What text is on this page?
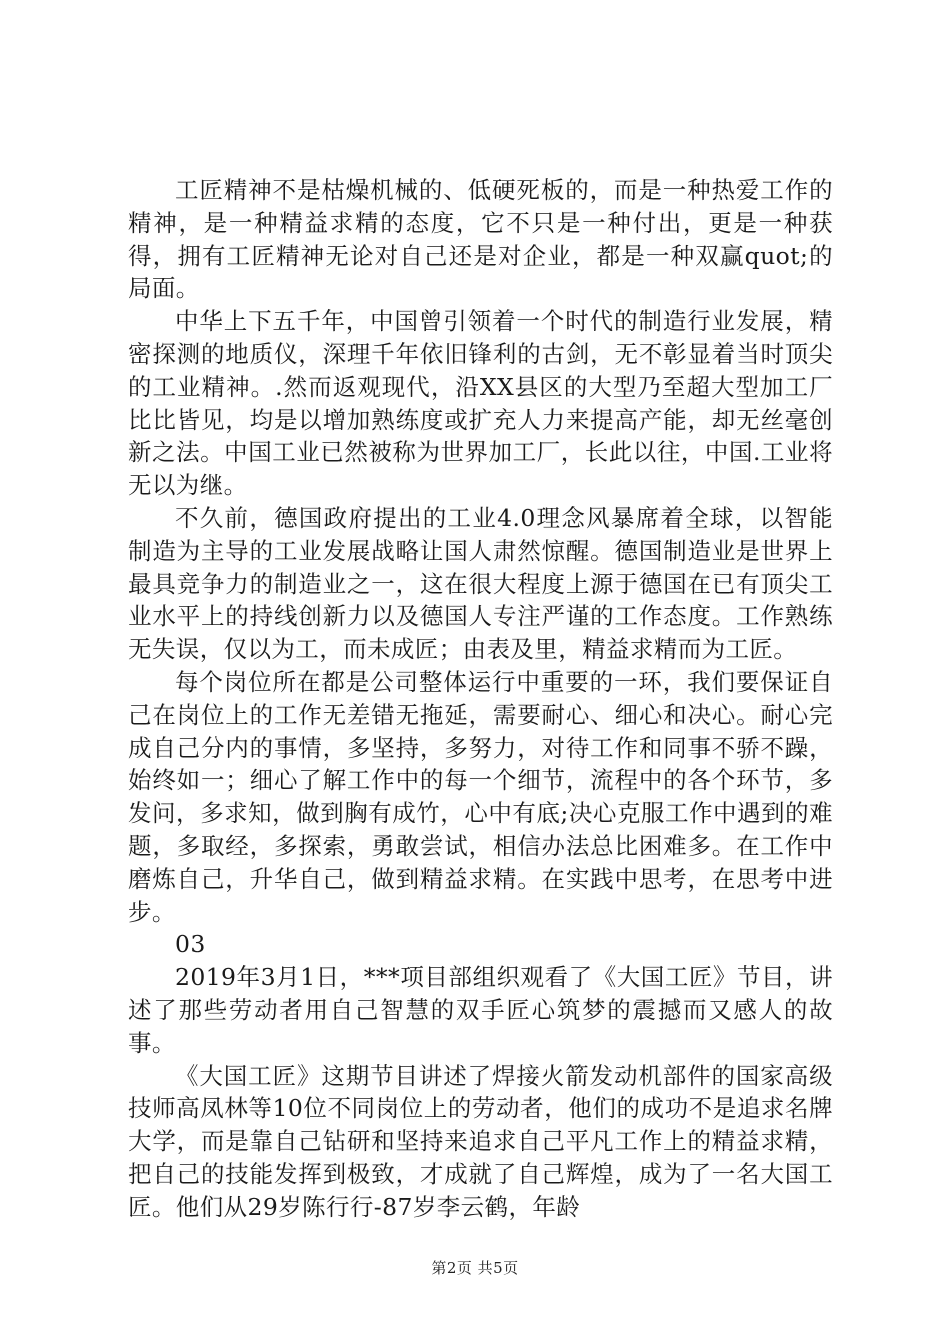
工匠精神不是枯燥机械的、低硬死板的，而是一种热爱工作的精神，是一种精益求精的态度，它不只是一种付出，更是一种获得，拥有工匠精神无论对自己还是对企业，都是一种双赢quot;的局面。

中华上下五千年，中国曾引领着一个时代的制造行业发展，精密探测的地质仪，深理千年依旧锋利的古剑，无不彰显着当时顶尖的工业精神。.然而返观现代，沿XX县区的大型乃至超大型加工厂比比皆见，均是以增加熟练度或扩充人力来提高产能，却无丝毫创新之法。中国工业已然被称为世界加工厂，长此以往，中国.工业将无以为继。

不久前，德国政府提出的工业4.0理念风暴席着全球，以智能制造为主导的工业发展战略让国人肃然惊醒。德国制造业是世界上最具竞争力的制造业之一，这在很大程度上源于德国在已有顶尖工业水平上的持线创新力以及德国人专注严谨的工作态度。工作熟练无失误，仅以为工，而未成匠；由表及里，精益求精而为工匠。

每个岗位所在都是公司整体运行中重要的一环，我们要保证自己在岗位上的工作无差错无拖延，需要耐心、细心和决心。耐心完成自己分内的事情，多坚持，多努力，对待工作和同事不骄不躁，始终如一；细心了解工作中的每一个细节，流程中的各个环节，多发问，多求知，做到胸有成竹，心中有底;决心克服工作中遇到的难题，多取经，多探索，勇敢尝试，相信办法总比困难多。在工作中磨炼自己，升华自己，做到精益求精。在实践中思考，在思考中进步。

03

2019年3月1日，***项目部组织观看了《大国工匠》节目，讲述了那些劳动者用自己智慧的双手匠心筑梦的震撼而又感人的故事。

《大国工匠》这期节目讲述了焊接火箭发动机部件的国家高级技师高凤林等10位不同岗位上的劳动者，他们的成功不是追求名牌大学，而是靠自己钻研和坚持来追求自己平凡工作上的精益求精，把自己的技能发挥到极致，才成就了自己辉煌，成为了一名大国工匠。他们从29岁陈行行-87岁李云鹤，年龄

第2页 共5页
